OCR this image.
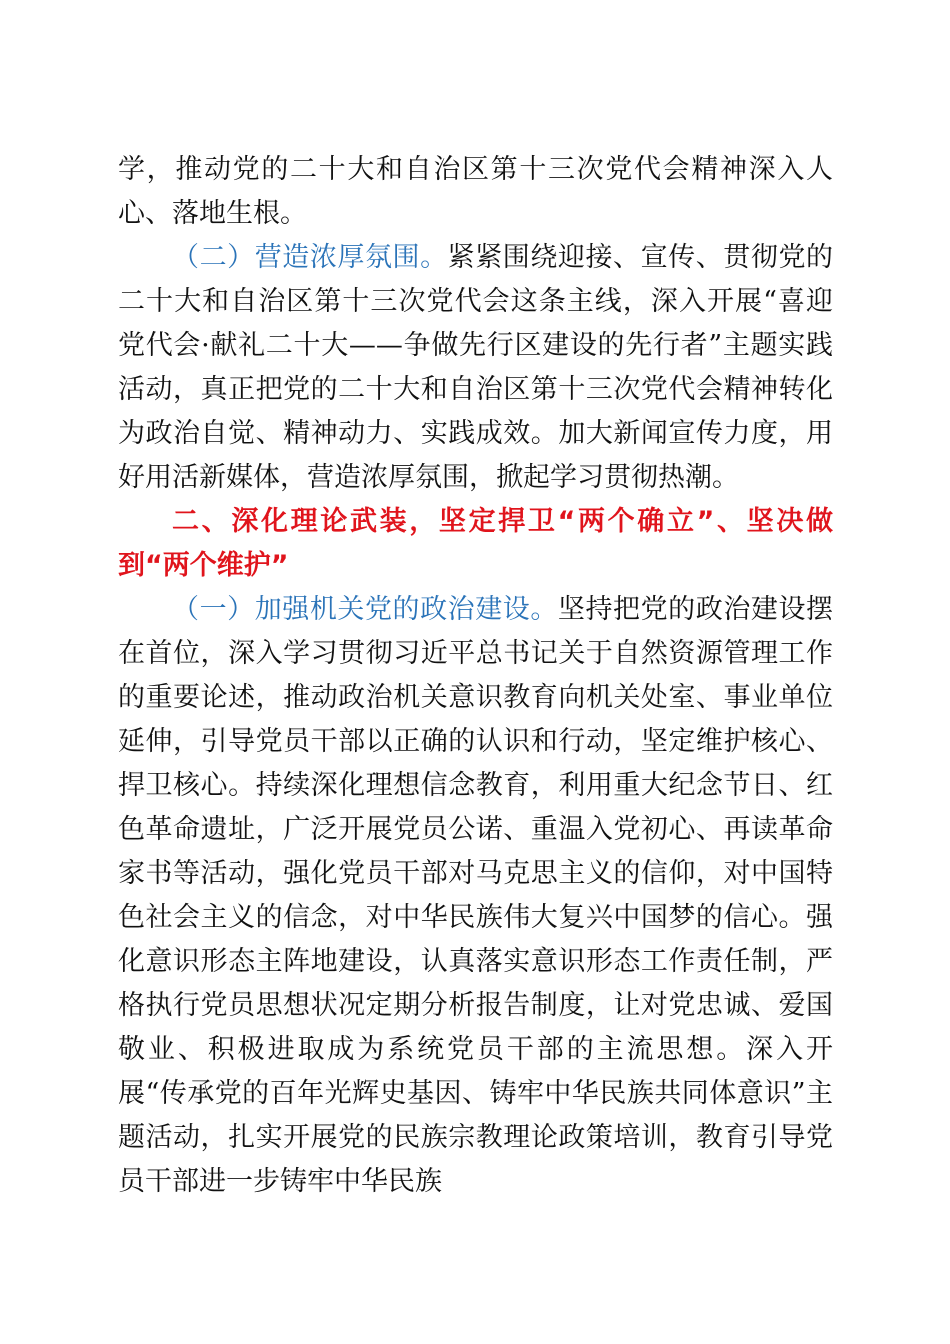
学，推动党的二十大和自治区第十三次党代会精神深入人心、落地生根。

（二）营造浓厚氛围。紧紧围绕迎接、宣传、贯彻党的二十大和自治区第十三次党代会这条主线，深入开展“喜迎党代会·献礼二十大——争做先行区建设的先行者”主题实践活动，真正把党的二十大和自治区第十三次党代会精神转化为政治自觉、精神动力、实践成效。加大新闻宣传力度，用好用活新媒体，营造浓厚氛围，掀起学习贯彻热潮。

二、深化理论武装，坚定捍卫“两个确立”、坚决做到“两个维护”

（一）加强机关党的政治建设。坚持把党的政治建设摆在首位，深入学习贯彻习近平总书记关于自然资源管理工作的重要论述，推动政治机关意识教育向机关处室、事业单位延伸，引导党员干部以正确的认识和行动，坚定维护核心、捍卫核心。持续深化理想信念教育，利用重大纪念节日、红色革命遗址，广泛开展党员公诺、重温入党初心、再读革命家书等活动，强化党员干部对马克思主义的信仰，对中国特色社会主义的信念，对中华民族伟大复兴中国梦的信心。强化意识形态主阵地建设，认真落实意识形态工作责任制，严格执行党员思想状况定期分析报告制度，让对党忠诚、爱国敬业、积极进取成为系统党员干部的主流思想。深入开展“传承党的百年光辉史基因、铸牢中华民族共同体意识”主题活动，扎实开展党的民族宗教理论政策培训，教育引导党员干部进一步铸牢中华民族
